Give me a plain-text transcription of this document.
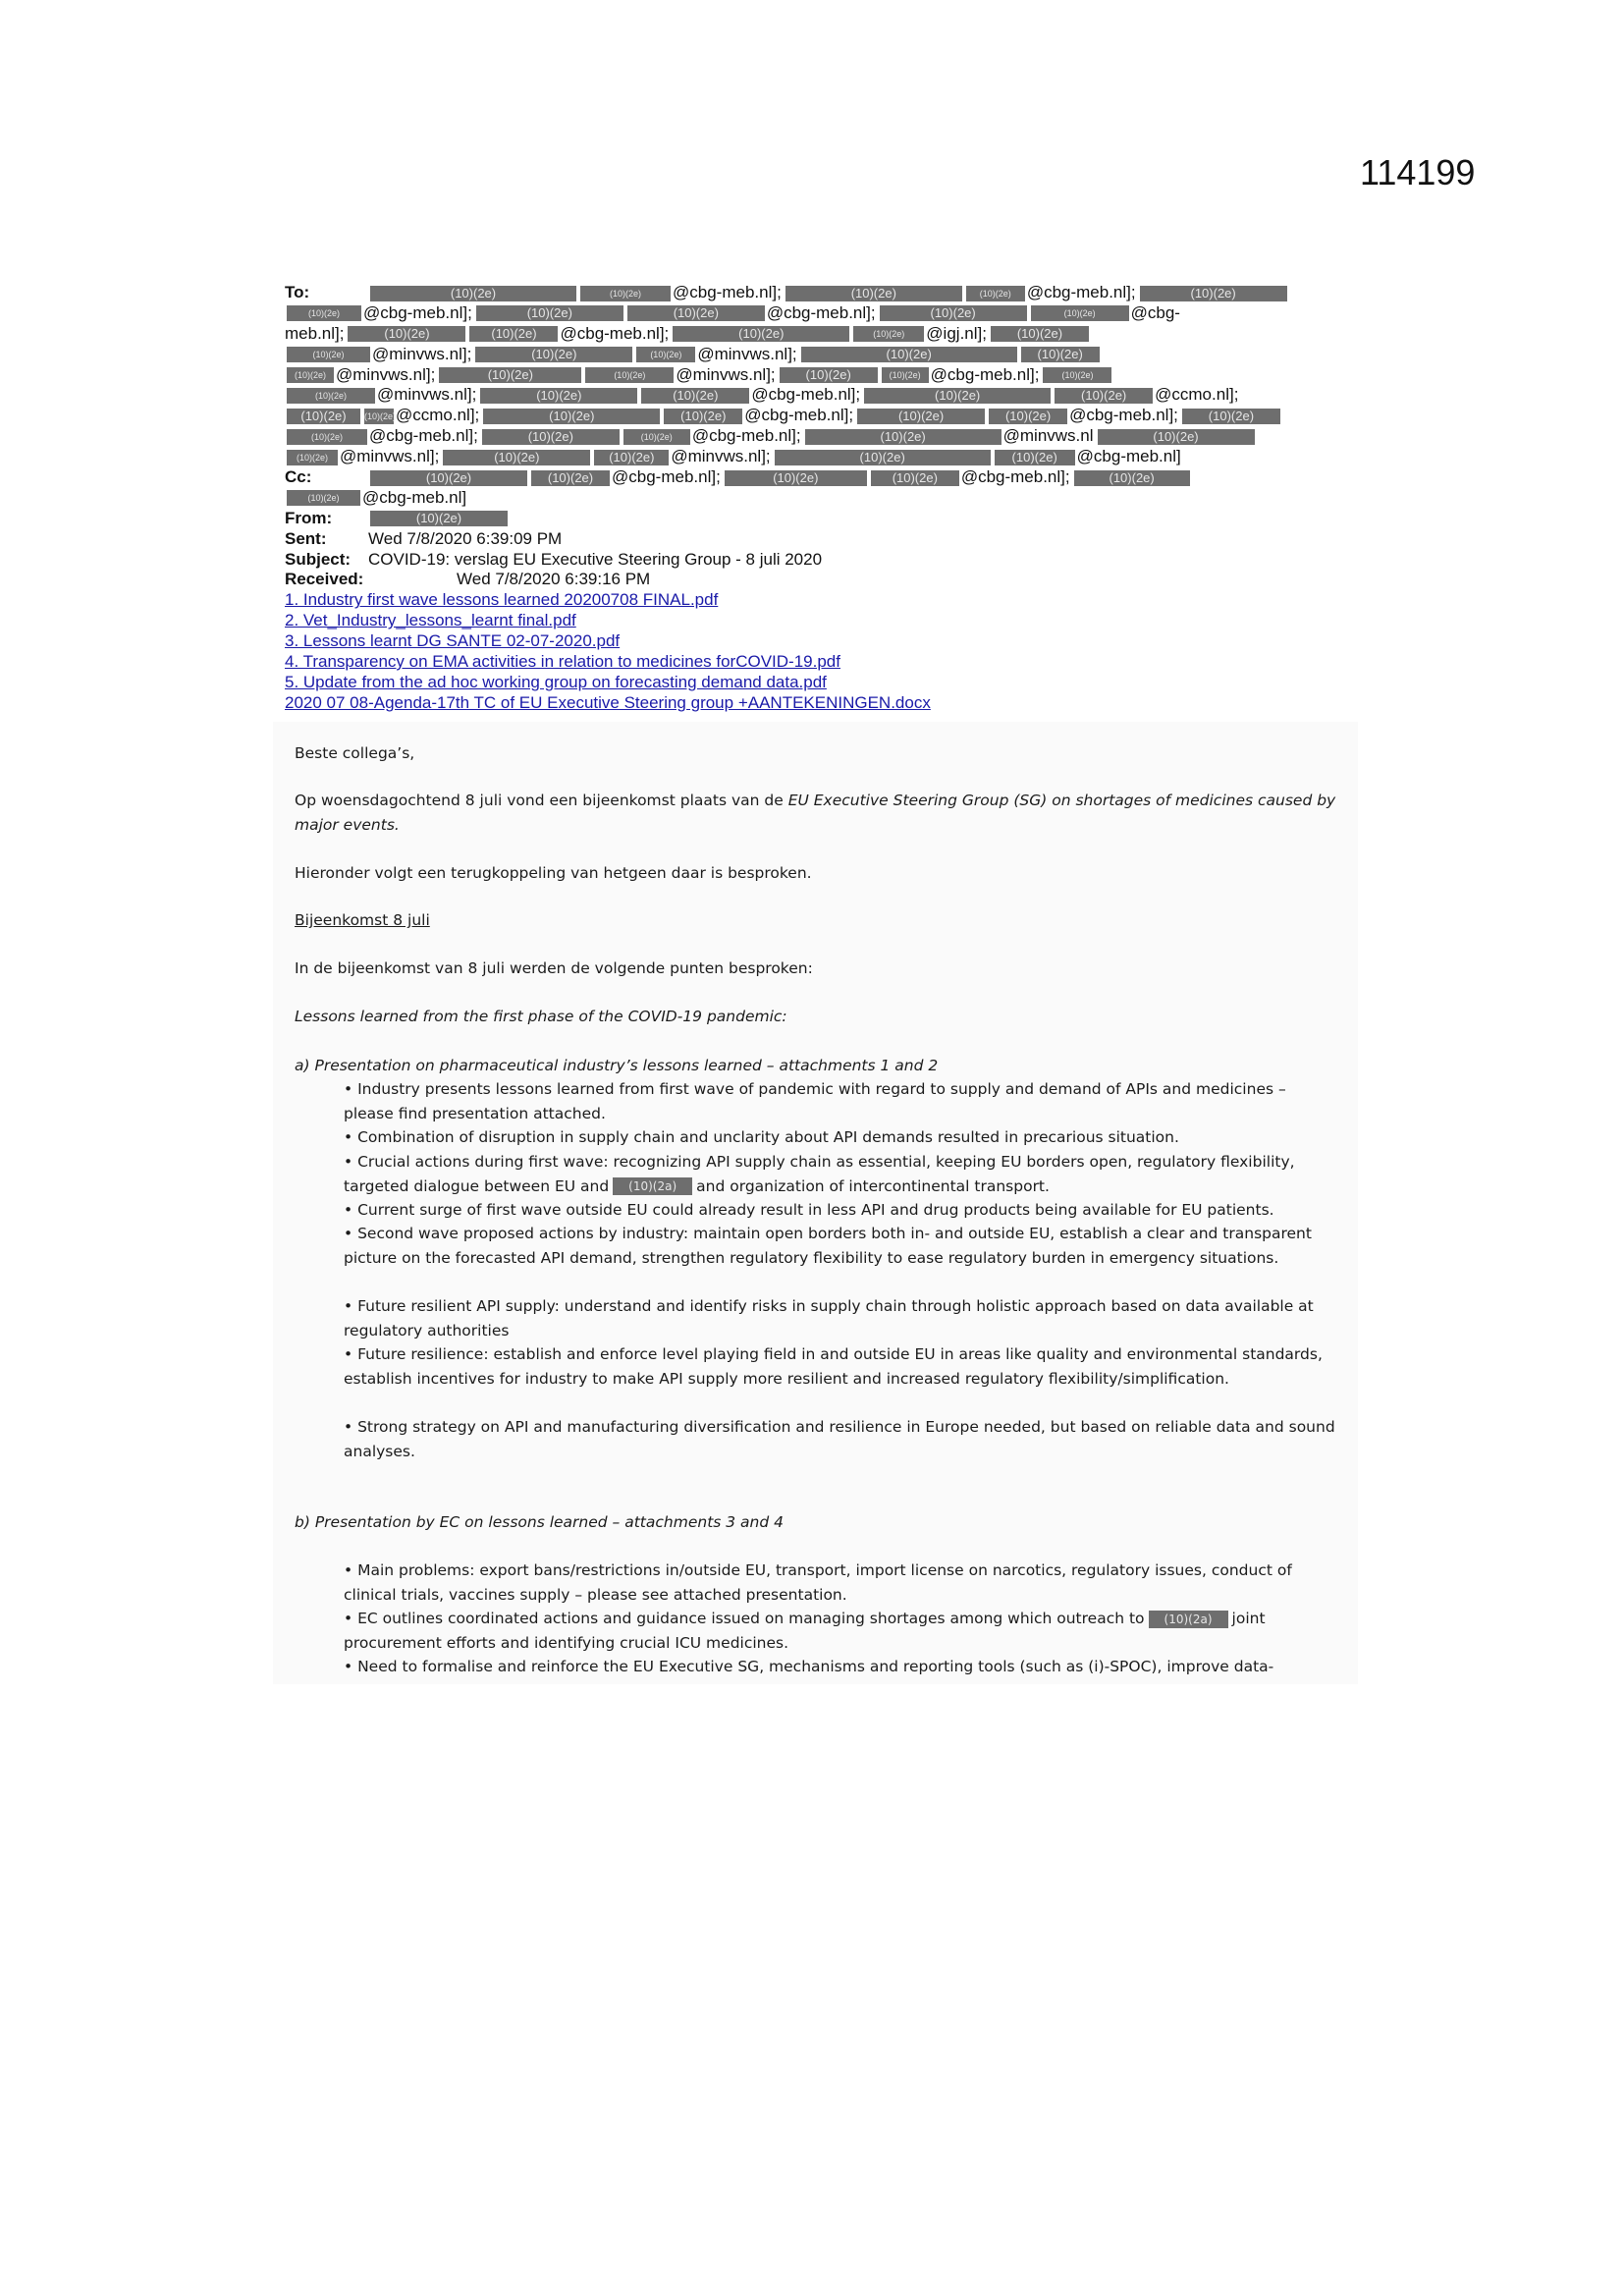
114199
To:	(10)(2e)	(10)(2e) @cbg-meb.nl];	(10)(2e)	(10)(2e) @cbg-meb.nl];	(10)(2e)
(10)(2e) @cbg-meb.nl];	(10)(2e)	(10)(2e)	@cbg-meb.nl];	(10)(2e)	(10)(2e) @cbg-
meb.nl];	(10)(2e)	(10)(2e) @cbg-meb.nl];	(10)(2e)	(10)(2e) @igj.nl]; (10)(2e)
(10)(2e) @minvws.nl];	(10)(2e)	(10)(2e) @minvws.nl];	(10)(2e)	(10)(2e)
(10)(2e) @minvws.nl];	(10)(2e)	(10)(2e) @minvws.nl]; (10)(2e)	(10)(2e) @cbg-meb.nl];	(10)(2e)
(10)(2e) @minvws.nl];	(10)(2e)	(10)(2e) @cbg-meb.nl];	(10)(2e)	(10)(2e) @ccmo.nl];
(10)(2e) (10)(2e)@ccmo.nl];	(10)(2e)	(10)(2e) @cbg-meb.nl];	(10)(2e)	(10)(2e) @cbg-meb.nl]; (10)(2e)
(10)(2e) @cbg-meb.nl];	(10)(2e)	(10)(2e) @cbg-meb.nl];	(10)(2e)	@minvws.nl	(10)(2e)
(10)(2e) @minvws.nl];	(10)(2e)	(10)(2e) @minvws.nl];	(10)(2e)	(10)(2e) @cbg-meb.nl]
Cc:	(10)(2e)	(10)(2e) @cbg-meb.nl];	(10)(2e)	(10)(2e) @cbg-meb.nl];	(10)(2e)
(10)(2e) @cbg-meb.nl]
From:	(10)(2e)
Sent:	Wed 7/8/2020 6:39:09 PM
Subject: COVID-19: verslag EU Executive Steering Group - 8 juli 2020
Received:	Wed 7/8/2020 6:39:16 PM
1. Industry first wave lessons learned 20200708 FINAL.pdf
2. Vet_Industry_lessons_learnt final.pdf
3. Lessons learnt DG SANTE 02-07-2020.pdf
4. Transparency on EMA activities in relation to medicines forCOVID-19.pdf
5. Update from the ad hoc working group on forecasting demand data.pdf
2020 07 08-Agenda-17th TC of EU Executive Steering group +AANTEKENINGEN.docx

Beste collega’s,

Op woensdagochtend 8 juli vond een bijeenkomst plaats van de EU Executive Steering Group (SG) on shortages of medicines caused by major events.

Hieronder volgt een terugkoppeling van hetgeen daar is besproken.

Bijeenkomst 8 juli

In de bijeenkomst van 8 juli werden de volgende punten besproken:

Lessons learned from the first phase of the COVID-19 pandemic:

a) Presentation on pharmaceutical industry’s lessons learned – attachments 1 and 2

• Industry presents lessons learned from first wave of pandemic with regard to supply and demand of APIs and medicines – please find presentation attached.
• Combination of disruption in supply chain and unclarity about API demands resulted in precarious situation.
• Crucial actions during first wave: recognizing API supply chain as essential, keeping EU borders open, regulatory flexibility, targeted dialogue between EU and (10)(2a) and organization of intercontinental transport.
• Current surge of first wave outside EU could already result in less API and drug products being available for EU patients.
• Second wave proposed actions by industry: maintain open borders both in- and outside EU, establish a clear and transparent picture on the forecasted API demand, strengthen regulatory flexibility to ease regulatory burden in emergency situations.
• Future resilient API supply: understand and identify risks in supply chain through holistic approach based on data available at regulatory authorities
• Future resilience: establish and enforce level playing field in and outside EU in areas like quality and environmental standards, establish incentives for industry to make API supply more resilient and increased regulatory flexibility/simplification.
• Strong strategy on API and manufacturing diversification and resilience in Europe needed, but based on reliable data and sound analyses.

b) Presentation by EC on lessons learned – attachments 3 and 4

• Main problems: export bans/restrictions in/outside EU, transport, import license on narcotics, regulatory issues, conduct of clinical trials, vaccines supply – please see attached presentation.
• EC outlines coordinated actions and guidance issued on managing shortages among which outreach to (10)(2a) joint procurement efforts and identifying crucial ICU medicines.
• Need to formalise and reinforce the EU Executive SG, mechanisms and reporting tools (such as (i)-SPOC), improve data-
